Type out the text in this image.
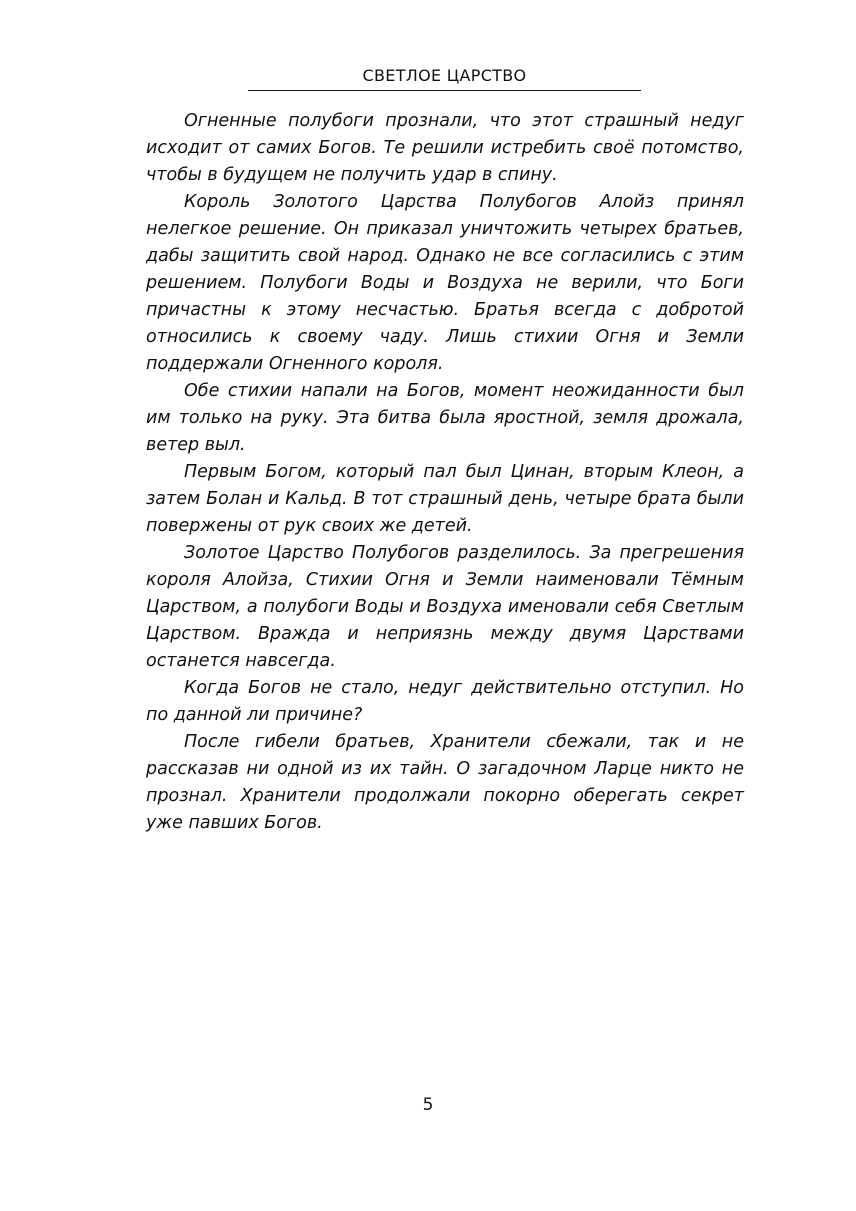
СВЕТЛОЕ ЦАРСТВО

Огненные полубоги прознали, что этот страшный недуг исходит от самих Богов. Те решили истребить своё потомство, чтобы в будущем не получить удар в спину.

Король Золотого Царства Полубогов Алойз принял нелегкое решение. Он приказал уничтожить четырех братьев, дабы защитить свой народ. Однако не все согласились с этим решением. Полубоги Воды и Воздуха не верили, что Боги причастны к этому несчастью. Братья всегда с добротой относились к своему чаду. Лишь стихии Огня и Земли поддержали Огненного короля.

Обе стихии напали на Богов, момент неожиданности был им только на руку. Эта битва была яростной, земля дрожала, ветер выл.

Первым Богом, который пал был Цинан, вторым Клеон, а затем Болан и Кальд. В тот страшный день, четыре брата были повержены от рук своих же детей.

Золотое Царство Полубогов разделилось. За прегрешения короля Алойза, Стихии Огня и Земли наименовали Тёмным Царством, а полубоги Воды и Воздуха именовали себя Светлым Царством. Вражда и неприязнь между двумя Царствами останется навсегда.

Когда Богов не стало, недуг действительно отступил. Но по данной ли причине?

После гибели братьев, Хранители сбежали, так и не рассказав ни одной из их тайн. О загадочном Ларце никто не прознал. Хранители продолжали покорно оберегать секрет уже павших Богов.

5
